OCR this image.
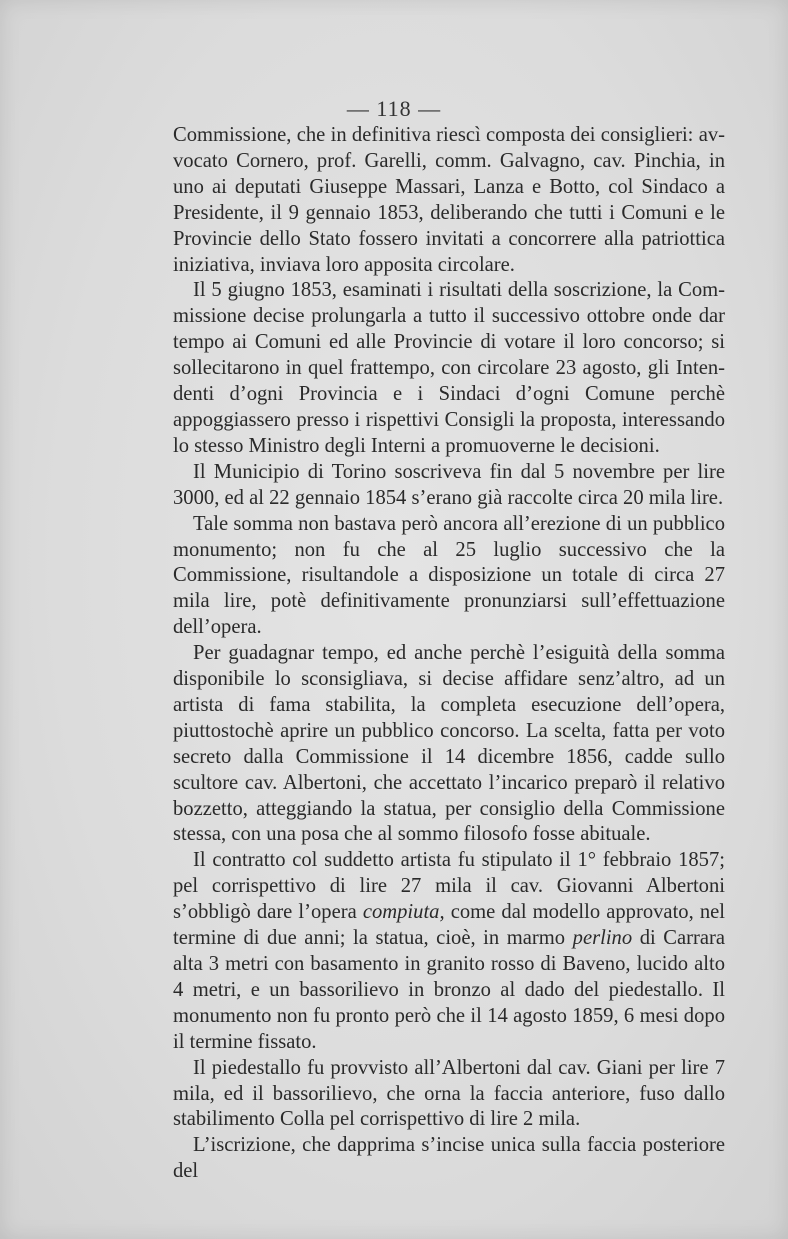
— 118 —

Commissione, che in definitiva riescì composta dei consiglieri: avvocato Cornero, prof. Garelli, comm. Galvagno, cav. Pinchia, in uno ai deputati Giuseppe Massari, Lanza e Botto, col Sindaco a Presidente, il 9 gennaio 1853, deliberando che tutti i Comuni e le Provincie dello Stato fossero invitati a concorrere alla patriottica iniziativa, inviava loro apposita circolare.

Il 5 giugno 1853, esaminati i risultati della soscrizione, la Commissione decise prolungarla a tutto il successivo ottobre onde dar tempo ai Comuni ed alle Provincie di votare il loro concorso; si sollecitarono in quel frattempo, con circolare 23 agosto, gli Intendenti d’ogni Provincia e i Sindaci d’ogni Comune perchè appoggiassero presso i rispettivi Consigli la proposta, interessando lo stesso Ministro degli Interni a promuoverne le decisioni.

Il Municipio di Torino soscriveva fin dal 5 novembre per lire 3000, ed al 22 gennaio 1854 s’erano già raccolte circa 20 mila lire.

Tale somma non bastava però ancora all’erezione di un pubblico monumento; non fu che al 25 luglio successivo che la Commissione, risultandole a disposizione un totale di circa 27 mila lire, potè definitivamente pronunziarsi sull’effettuazione dell’opera.

Per guadagnar tempo, ed anche perchè l’esiguità della somma disponibile lo sconsigliava, si decise affidare senz’altro, ad un artista di fama stabilita, la completa esecuzione dell’opera, piuttostochè aprire un pubblico concorso. La scelta, fatta per voto secreto dalla Commissione il 14 dicembre 1856, cadde sullo scultore cav. Albertoni, che accettato l’incarico preparò il relativo bozzetto, atteggiando la statua, per consiglio della Commissione stessa, con una posa che al sommo filosofo fosse abituale.

Il contratto col suddetto artista fu stipulato il 1° febbraio 1857; pel corrispettivo di lire 27 mila il cav. Giovanni Albertoni s’obbligò dare l’opera compiuta, come dal modello approvato, nel termine di due anni; la statua, cioè, in marmo perlino di Carrara alta 3 metri con basamento in granito rosso di Baveno, lucido alto 4 metri, e un bassorilievo in bronzo al dado del piedestallo. Il monumento non fu pronto però che il 14 agosto 1859, 6 mesi dopo il termine fissato.

Il piedestallo fu provvisto all’Albertoni dal cav. Giani per lire 7 mila, ed il bassorilievo, che orna la faccia anteriore, fuso dallo stabilimento Colla pel corrispettivo di lire 2 mila.

L’iscrizione, che dapprima s’incise unica sulla faccia posteriore del
